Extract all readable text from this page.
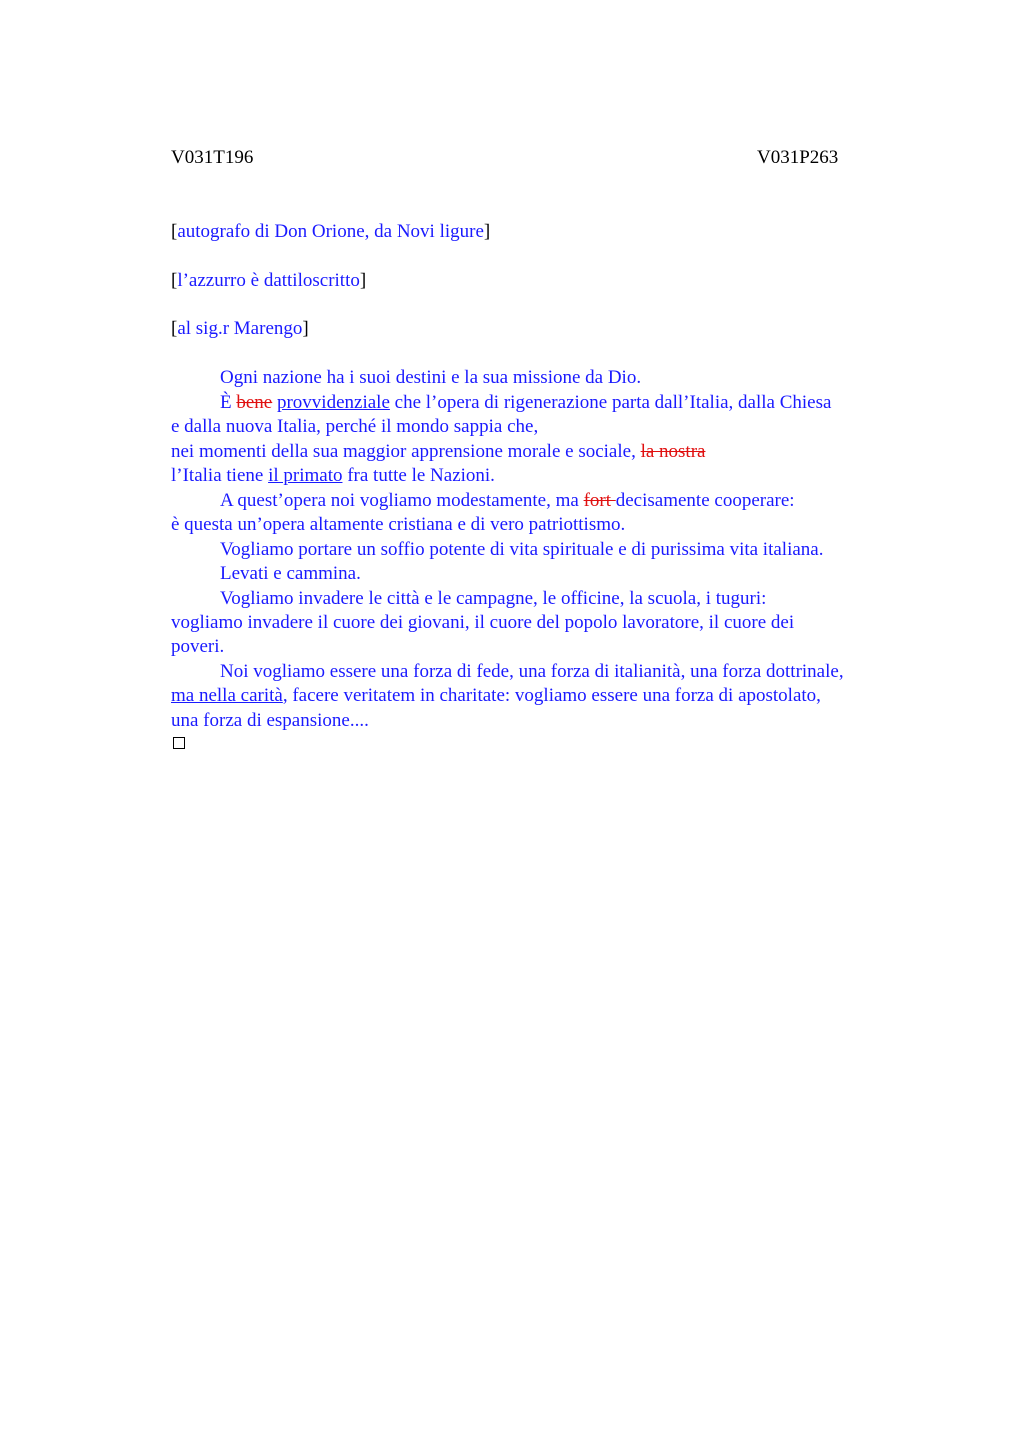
V031T196	V031P263
[autografo di Don Orione, da Novi ligure]
[l’azzurro è dattiloscritto]
[al sig.r Marengo]
Ogni nazione ha i suoi destini e la sua missione da Dio.
È bene provvidenziale che l’opera di rigenerazione parta dall’Italia, dalla Chiesa
e dalla nuova Italia, perché il mondo sappia che,
nei momenti della sua maggior apprensione morale e sociale, la nostra
l’Italia tiene il primato fra tutte le Nazioni.
A quest’opera noi vogliamo modestamente, ma fort decisamente cooperare:
è questa un’opera altamente cristiana e di vero patriottismo.
Vogliamo portare un soffio potente di vita spirituale e di purissima vita italiana.
Levati e cammina.
Vogliamo invadere le città e le campagne, le officine, la scuola, i tuguri:
vogliamo invadere il cuore dei giovani, il cuore del popolo lavoratore, il cuore dei
poveri.
Noi vogliamo essere una forza di fede, una forza di italianità, una forza dottrinale,
ma nella carità, facere veritatem in charitate: vogliamo essere una forza di apostolato,
una forza di espansione....
